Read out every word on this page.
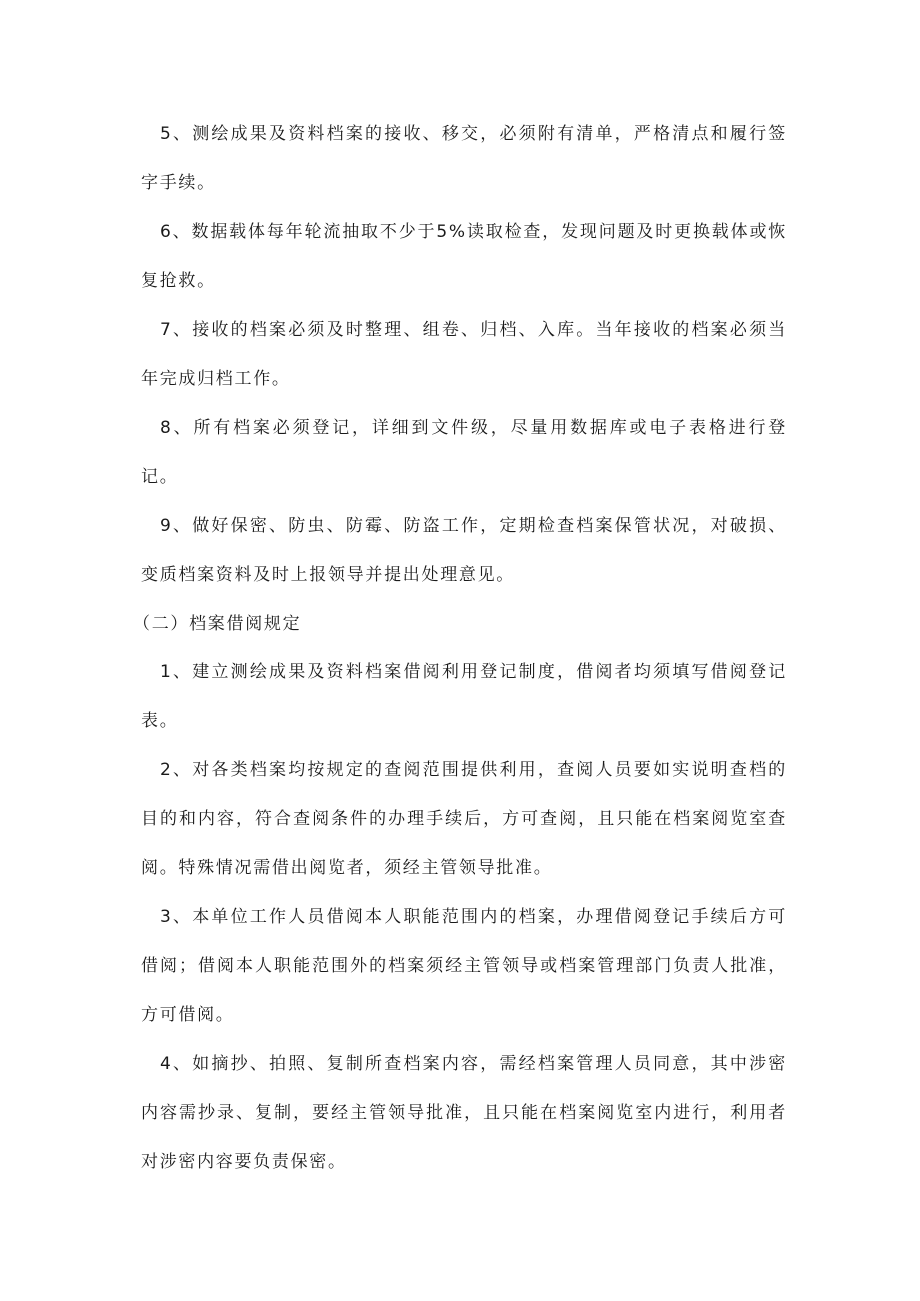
5、测绘成果及资料档案的接收、移交，必须附有清单，严格清点和履行签字手续。

6、数据载体每年轮流抽取不少于5%读取检查，发现问题及时更换载体或恢复抢救。

7、接收的档案必须及时整理、组卷、归档、入库。当年接收的档案必须当年完成归档工作。

8、所有档案必须登记，详细到文件级，尽量用数据库或电子表格进行登记。

9、做好保密、防虫、防霉、防盗工作，定期检查档案保管状况，对破损、变质档案资料及时上报领导并提出处理意见。

（二）档案借阅规定

1、建立测绘成果及资料档案借阅利用登记制度，借阅者均须填写借阅登记表。

2、对各类档案均按规定的查阅范围提供利用，查阅人员要如实说明查档的目的和内容，符合查阅条件的办理手续后，方可查阅，且只能在档案阅览室查阅。特殊情况需借出阅览者，须经主管领导批准。

3、本单位工作人员借阅本人职能范围内的档案，办理借阅登记手续后方可借阅；借阅本人职能范围外的档案须经主管领导或档案管理部门负责人批准，方可借阅。

4、如摘抄、拍照、复制所查档案内容，需经档案管理人员同意，其中涉密内容需抄录、复制，要经主管领导批准，且只能在档案阅览室内进行，利用者对涉密内容要负责保密。
